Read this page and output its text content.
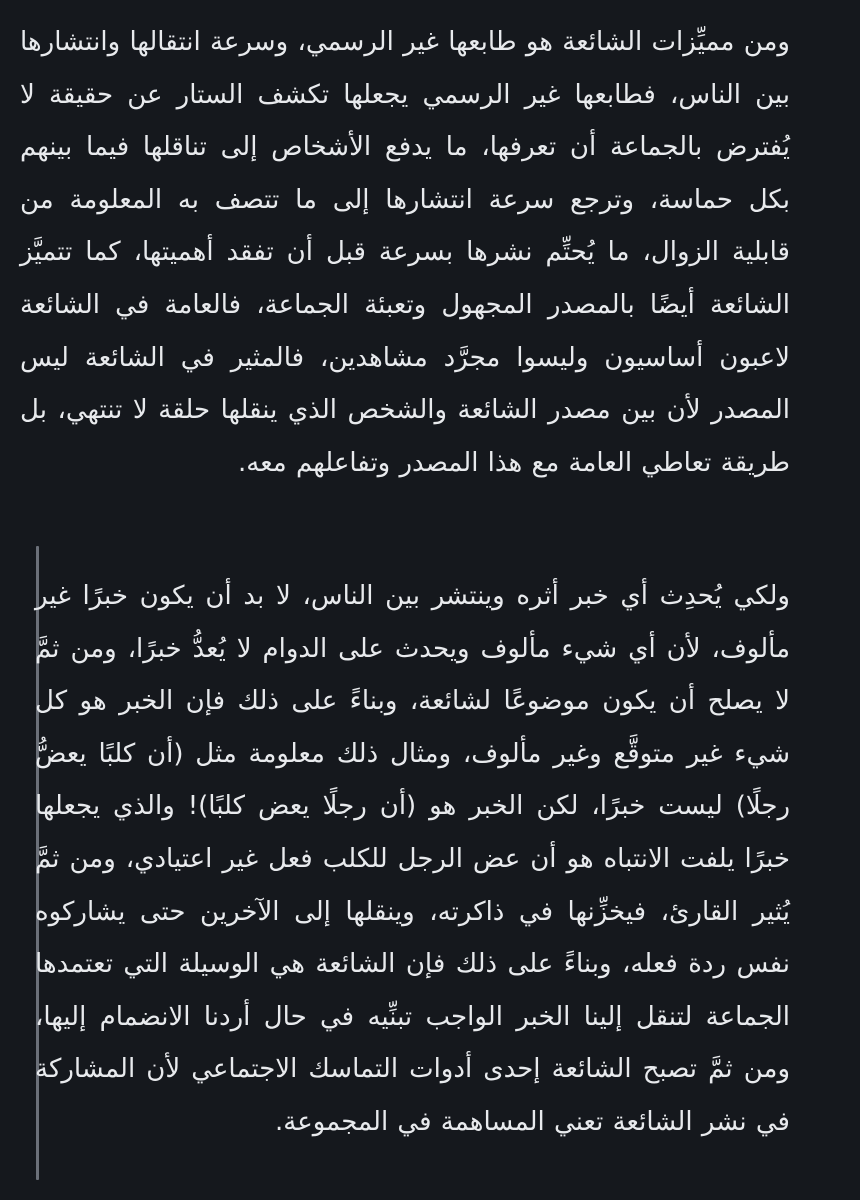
ومن مميِّزات الشائعة هو طابعها غير الرسمي، وسرعة انتقالها وانتشارها بين الناس، فطابعها غير الرسمي يجعلها تكشف الستار عن حقيقة لا يُفترض بالجماعة أن تعرفها، ما يدفع الأشخاص إلى تناقلها فيما بينهم بكل حماسة، وترجع سرعة انتشارها إلى ما تتصف به المعلومة من قابلية الزوال، ما يُحتِّم نشرها بسرعة قبل أن تفقد أهميتها، كما تتميَّز الشائعة أيضًا بالمصدر المجهول وتعبئة الجماعة، فالعامة في الشائعة لاعبون أساسيون وليسوا مجرَّد مشاهدين، فالمثير في الشائعة ليس المصدر لأن بين مصدر الشائعة والشخص الذي ينقلها حلقة لا تنتهي، بل طريقة تعاطي العامة مع هذا المصدر وتفاعلهم معه.

ولكي يُحدِث أي خبر أثره وينتشر بين الناس، لا بد أن يكون خبرًا غير مألوف، لأن أي شيء مألوف ويحدث على الدوام لا يُعدُّ خبرًا، ومن ثمَّ لا يصلح أن يكون موضوعًا لشائعة، وبناءً على ذلك فإن الخبر هو كل شيء غير متوقَّع وغير مألوف، ومثال ذلك معلومة مثل (أن كلبًا يعضُّ رجلًا) ليست خبرًا، لكن الخبر هو (أن رجلًا يعض كلبًا)! والذي يجعلها خبرًا يلفت الانتباه هو أن عض الرجل للكلب فعل غير اعتيادي، ومن ثمَّ يُثير القارئ، فيخزِّنها في ذاكرته، وينقلها إلى الآخرين حتى يشاركوه نفس ردة فعله، وبناءً على ذلك فإن الشائعة هي الوسيلة التي تعتمدها الجماعة لتنقل إلينا الخبر الواجب تبنِّيه في حال أردنا الانضمام إليها، ومن ثمَّ تصبح الشائعة إحدى أدوات التماسك الاجتماعي لأن المشاركة في نشر الشائعة تعني المساهمة في المجموعة.
